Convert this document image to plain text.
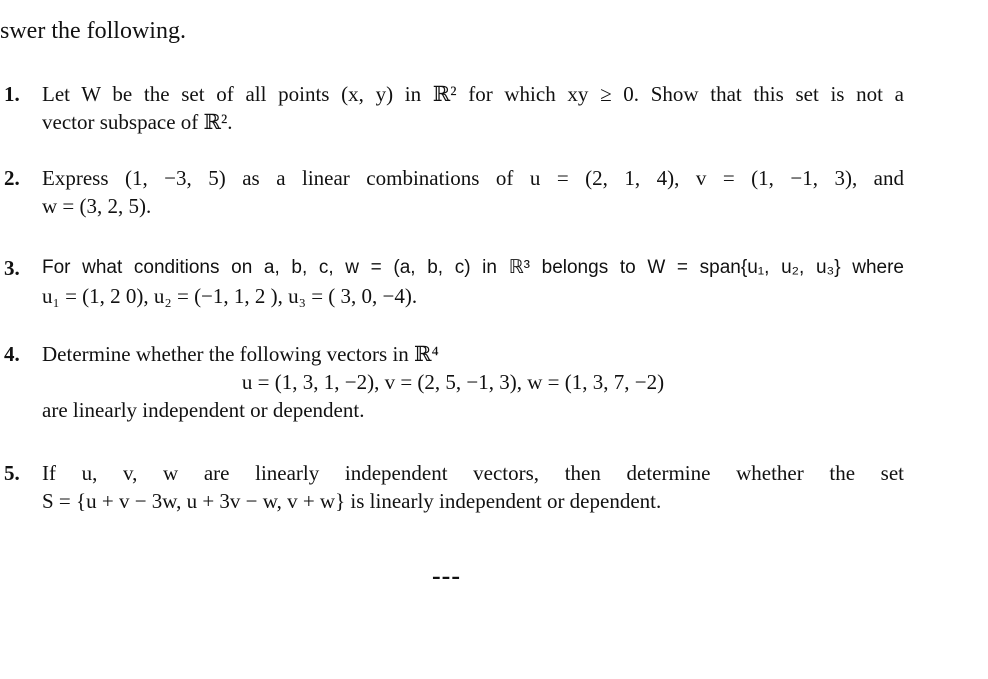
swer the following.
1. Let W be the set of all points (x, y) in ℝ² for which xy ≥ 0. Show that this set is not a
vector subspace of ℝ².
2. Express (1, −3, 5) as a linear combinations of u = (2, 1, 4), v = (1, −1, 3), and
w = (3, 2, 5).
3. For what conditions on a, b, c, w = (a, b, c) in ℝ³ belongs to W = span{u₁, u₂, u₃} where
u₁ = (1, 2 0), u₂ = (−1, 1, 2 ), u₃ = ( 3, 0, −4).
4. Determine whether the following vectors in ℝ⁴
u = (1, 3, 1, −2), v = (2, 5, −1, 3), w = (1, 3, 7, −2)
are linearly independent or dependent.
5. If u, v, w are linearly independent vectors, then determine whether the set
S = {u + v − 3w, u + 3v − w, v + w} is linearly independent or dependent.
---
